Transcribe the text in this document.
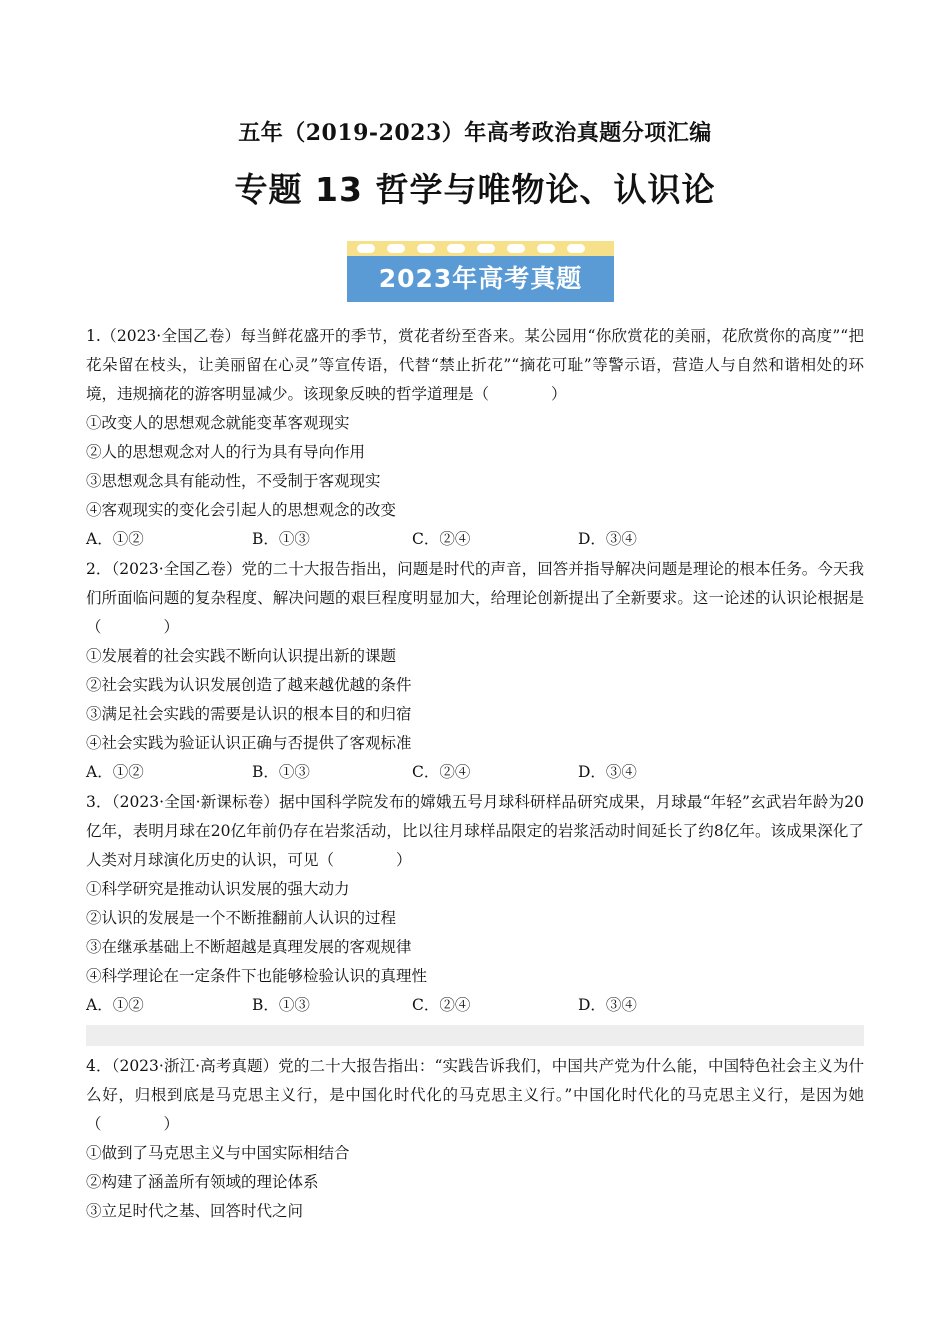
五年（2019-2023）年高考政治真题分项汇编
专题 13 哲学与唯物论、认识论
2023年高考真题

1.（2023·全国乙卷）每当鲜花盛开的季节，赏花者纷至沓来。某公园用“你欣赏花的美丽，花欣赏你的高度”“把花朵留在枝头，让美丽留在心灵”等宣传语，代替“禁止折花”“摘花可耻”等警示语，营造人与自然和谐相处的环境，违规摘花的游客明显减少。该现象反映的哲学道理是（　　　　）

①改变人的思想观念就能变革客观现实

②人的思想观念对人的行为具有导向作用

③思想观念具有能动性，不受制于客观现实

④客观现实的变化会引起人的思想观念的改变

A．①②	B．①③	C．②④	D．③④

2．（2023·全国乙卷）党的二十大报告指出，问题是时代的声音，回答并指导解决问题是理论的根本任务。今天我们所面临问题的复杂程度、解决问题的艰巨程度明显加大，给理论创新提出了全新要求。这一论述的认识论根据是（　　　　）

①发展着的社会实践不断向认识提出新的课题

②社会实践为认识发展创造了越来越优越的条件

③满足社会实践的需要是认识的根本目的和归宿

④社会实践为验证认识正确与否提供了客观标准

A．①②	B．①③	C．②④	D．③④

3．（2023·全国·新课标卷）据中国科学院发布的嫦娥五号月球科研样品研究成果，月球最“年轻”玄武岩年龄为20亿年，表明月球在20亿年前仍存在岩浆活动，比以往月球样品限定的岩浆活动时间延长了约8亿年。该成果深化了人类对月球演化历史的认识，可见（　　　　）

①科学研究是推动认识发展的强大动力

②认识的发展是一个不断推翻前人认识的过程

③在继承基础上不断超越是真理发展的客观规律

④科学理论在一定条件下也能够检验认识的真理性

A．①②	B．①③	C．②④	D．③④

4．（2023·浙江·高考真题）党的二十大报告指出：“实践告诉我们，中国共产党为什么能，中国特色社会主义为什么好，归根到底是马克思主义行，是中国化时代化的马克思主义行。”中国化时代化的马克思主义行，是因为她（　　　　）

①做到了马克思主义与中国实际相结合

②构建了涵盖所有领域的理论体系

③立足时代之基、回答时代之问
